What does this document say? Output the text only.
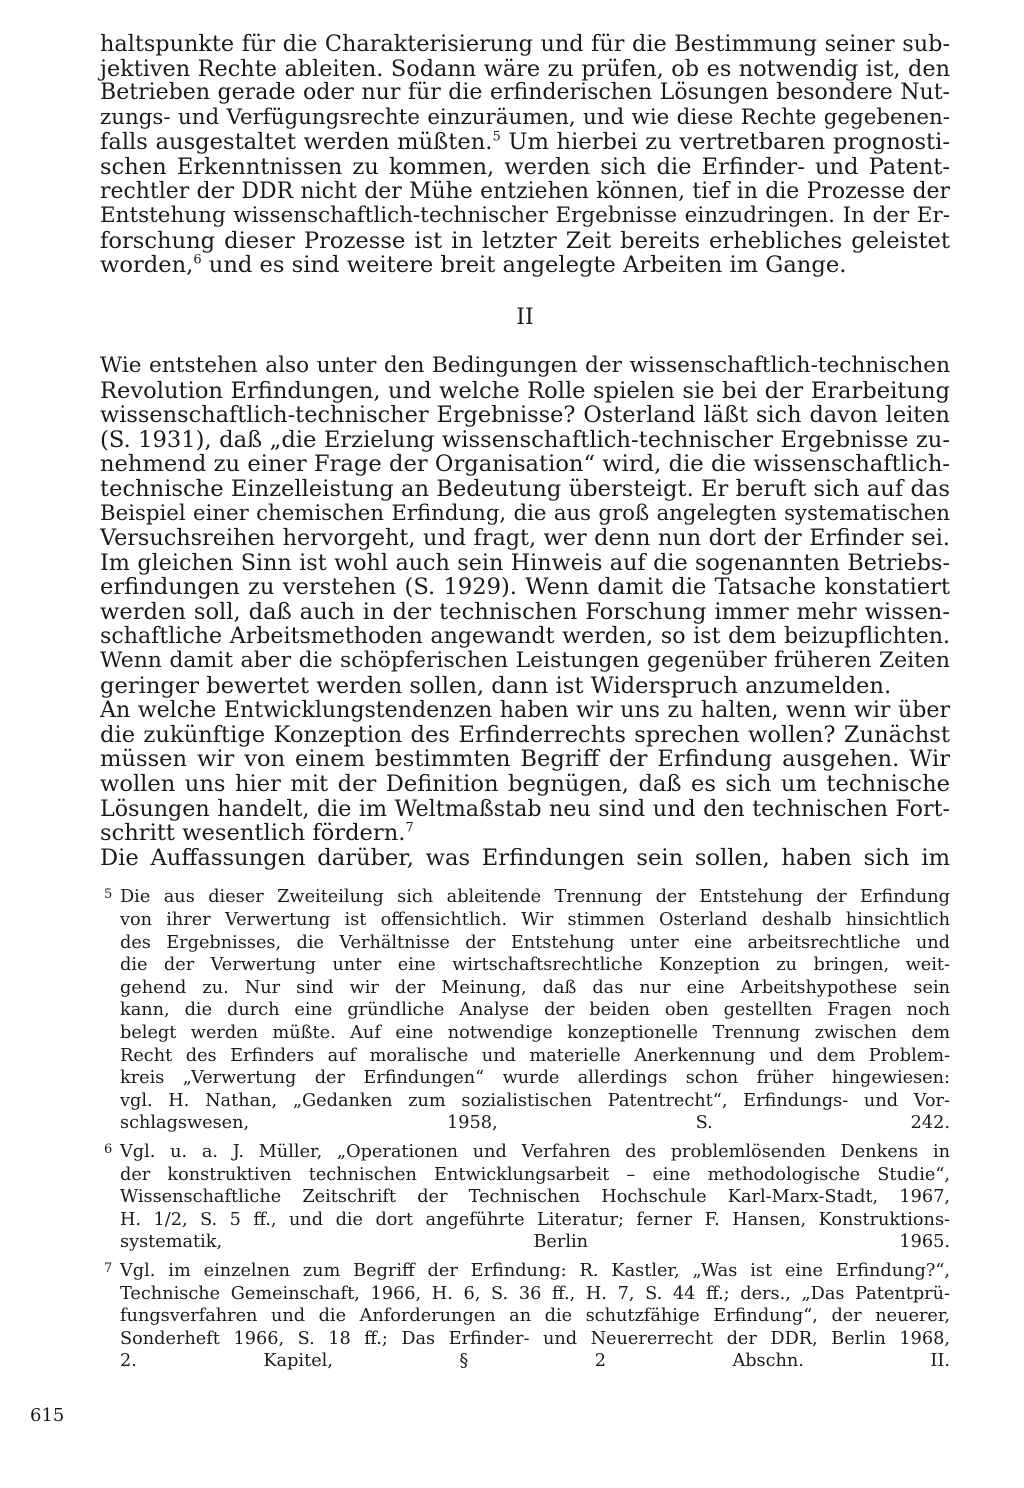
haltspunkte für die Charakterisierung und für die Bestimmung seiner sub-
jektiven Rechte ableiten. Sodann wäre zu prüfen, ob es notwendig ist, den
Betrieben gerade oder nur für die erfinderischen Lösungen besondere Nut-
zungs- und Verfügungsrechte einzuräumen, und wie diese Rechte gegebenen-
falls ausgestaltet werden müßten.$^5$ Um hierbei zu vertretbaren prognosti-
schen Erkenntnissen zu kommen, werden sich die Erfinder- und Patent-
rechtler der DDR nicht der Mühe entziehen können, tief in die Prozesse der
Entstehung wissenschaftlich-technischer Ergebnisse einzudringen. In der Er-
forschung dieser Prozesse ist in letzter Zeit bereits erhebliches geleistet
worden,$^6$ und es sind weitere breit angelegte Arbeiten im Gange.
II
Wie entstehen also unter den Bedingungen der wissenschaftlich-technischen
Revolution Erfindungen, und welche Rolle spielen sie bei der Erarbeitung
wissenschaftlich-technischer Ergebnisse? Osterland läßt sich davon leiten
(S. 1931), daß „die Erzielung wissenschaftlich-technischer Ergebnisse zu-
nehmend zu einer Frage der Organisation“ wird, die die wissenschaftlich-
technische Einzelleistung an Bedeutung übersteigt. Er beruft sich auf das
Beispiel einer chemischen Erfindung, die aus groß angelegten systematischen
Versuchsreihen hervorgeht, und fragt, wer denn nun dort der Erfinder sei.
Im gleichen Sinn ist wohl auch sein Hinweis auf die sogenannten Betriebs-
erfindungen zu verstehen (S. 1929). Wenn damit die Tatsache konstatiert
werden soll, daß auch in der technischen Forschung immer mehr wissen-
schaftliche Arbeitsmethoden angewandt werden, so ist dem beizupflichten.
Wenn damit aber die schöpferischen Leistungen gegenüber früheren Zeiten
geringer bewertet werden sollen, dann ist Widerspruch anzumelden.
An welche Entwicklungstendenzen haben wir uns zu halten, wenn wir über
die zukünftige Konzeption des Erfinderrechts sprechen wollen? Zunächst
müssen wir von einem bestimmten Begriff der Erfindung ausgehen. Wir
wollen uns hier mit der Definition begnügen, daß es sich um technische
Lösungen handelt, die im Weltmaßstab neu sind und den technischen Fort-
schritt wesentlich fördern.$^7$
Die Auffassungen darüber, was Erfindungen sein sollen, haben sich im
5 Die aus dieser Zweiteilung sich ableitende Trennung der Entstehung der Erfindung
von ihrer Verwertung ist offensichtlich. Wir stimmen Osterland deshalb hinsichtlich
des Ergebnisses, die Verhältnisse der Entstehung unter eine arbeitsrechtliche und
die der Verwertung unter eine wirtschaftsrechtliche Konzeption zu bringen, weit-
gehend zu. Nur sind wir der Meinung, daß das nur eine Arbeitshypothese sein
kann, die durch eine gründliche Analyse der beiden oben gestellten Fragen noch
belegt werden müßte. Auf eine notwendige konzeptionelle Trennung zwischen dem
Recht des Erfinders auf moralische und materielle Anerkennung und dem Problem-
kreis „Verwertung der Erfindungen“ wurde allerdings schon früher hingewiesen:
vgl. H. Nathan, „Gedanken zum sozialistischen Patentrecht“, Erfindungs- und Vor-
schlagswesen, 1958, S. 242.
6 Vgl. u. a. J. Müller, „Operationen und Verfahren des problemlösenden Denkens in
der konstruktiven technischen Entwicklungsarbeit – eine methodologische Studie“,
Wissenschaftliche Zeitschrift der Technischen Hochschule Karl-Marx-Stadt, 1967,
H. 1/2, S. 5 ff., und die dort angeführte Literatur; ferner F. Hansen, Konstruktions-
systematik, Berlin 1965.
7 Vgl. im einzelnen zum Begriff der Erfindung: R. Kastler, „Was ist eine Erfindung?“,
Technische Gemeinschaft, 1966, H. 6, S. 36 ff., H. 7, S. 44 ff.; ders., „Das Patentprü-
fungsverfahren und die Anforderungen an die schutzfähige Erfindung“, der neuerer,
Sonderheft 1966, S. 18 ff.; Das Erfinder- und Neuererrecht der DDR, Berlin 1968,
2. Kapitel, § 2 Abschn. II.
615
